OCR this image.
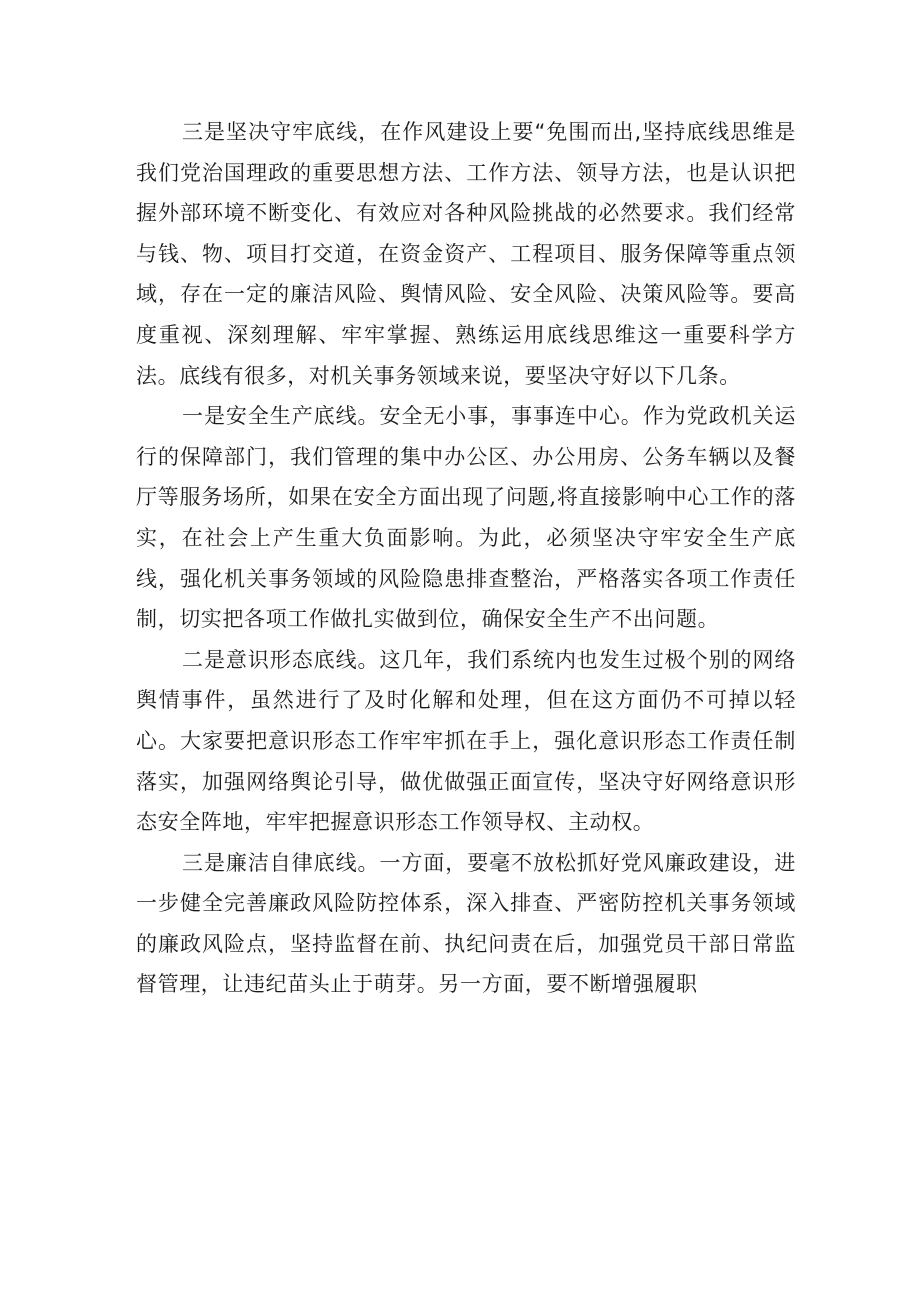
三是坚决守牢底线，在作风建设上要“免围而出,坚持底线思维是我们党治国理政的重要思想方法、工作方法、领导方法，也是认识把握外部环境不断变化、有效应对各种风险挑战的必然要求。我们经常与钱、物、项目打交道，在资金资产、工程项目、服务保障等重点领域，存在一定的廉洁风险、舆情风险、安全风险、决策风险等。要高度重视、深刻理解、牢牢掌握、熟练运用底线思维这一重要科学方法。底线有很多，对机关事务领域来说，要坚决守好以下几条。

一是安全生产底线。安全无小事，事事连中心。作为党政机关运行的保障部门，我们管理的集中办公区、办公用房、公务车辆以及餐厅等服务场所，如果在安全方面出现了问题,将直接影响中心工作的落实，在社会上产生重大负面影响。为此，必须坚决守牢安全生产底线，强化机关事务领域的风险隐患排查整治，严格落实各项工作责任制，切实把各项工作做扎实做到位，确保安全生产不出问题。

二是意识形态底线。这几年，我们系统内也发生过极个别的网络舆情事件，虽然进行了及时化解和处理，但在这方面仍不可掉以轻心。大家要把意识形态工作牢牢抓在手上，强化意识形态工作责任制落实，加强网络舆论引导，做优做强正面宣传，坚决守好网络意识形态安全阵地，牢牢把握意识形态工作领导权、主动权。

三是廉洁自律底线。一方面，要毫不放松抓好党风廉政建设，进一步健全完善廉政风险防控体系，深入排查、严密防控机关事务领域的廉政风险点，坚持监督在前、执纪问责在后，加强党员干部日常监督管理，让违纪苗头止于萌芽。另一方面，要不断增强履职
